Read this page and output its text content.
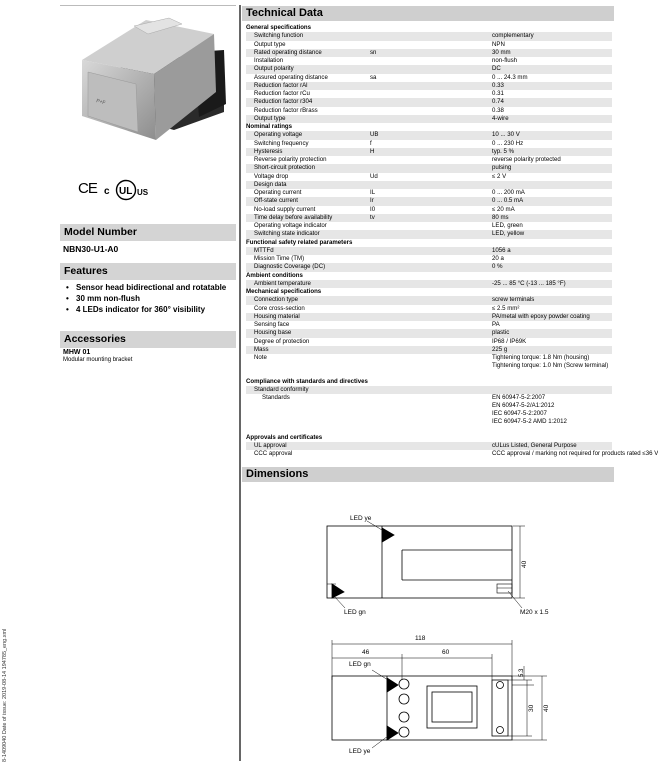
P+F
CE c UL US
Model Number
NBN30-U1-A0
Features
• Sensor head bidirectional and rotatable
• 30 mm non-flush
• 4 LEDs indicator for 360° visibility
Accessories
MHW 01
Modular mounting bracket
8-1409040 Date of issue: 2019-08-14 194785_eng.xml
Technical Data
General specifications		
Switching function		complementary
Output type		NPN
Rated operating distance	sn	30 mm
Installation		non-flush
Output polarity		DC
Assured operating distance	sa	0 ... 24.3 mm
Reduction factor rAl		0.33
Reduction factor rCu		0.31
Reduction factor r304		0.74
Reduction factor rBrass		0.38
Output type		4-wire
Nominal ratings		
Operating voltage	UB	10 ... 30 V
Switching frequency	f	0 ... 230 Hz
Hysteresis	H	typ. 5 %
Reverse polarity protection		reverse polarity protected
Short-circuit protection		pulsing
Voltage drop	Ud	≤ 2 V
Design data		
Operating current	IL	0 ... 200 mA
Off-state current	Ir	0 ... 0.5 mA
No-load supply current	I0	≤ 20 mA
Time delay before availability	tv	80 ms
Operating voltage indicator		LED, green
Switching state indicator		LED, yellow
Functional safety related parameters		
MTTFd		1056 a
Mission Time (TM)		20 a
Diagnostic Coverage (DC)		0 %
Ambient conditions		
Ambient temperature		-25 ... 85 °C (-13 ... 185 °F)
Mechanical specifications		
Connection type		screw terminals
Core cross-section		≤ 2.5 mm²
Housing material		PA/metal with epoxy powder coating
Sensing face		PA
Housing base		plastic
Degree of protection		IP68 / IP69K
Mass		225 g
Note		Tightening torque: 1.8 Nm (housing)
Tightening torque: 1.0 Nm (Screw terminal)

Compliance with standards and directives		
Standard conformity		
Standards		EN 60947-5-2:2007
EN 60947-5-2/A1:2012
IEC 60947-5-2:2007
IEC 60947-5-2 AMD 1:2012

Approvals and certificates		
UL approval		cULus Listed, General Purpose
CCC approval		CCC approval / marking not required for products rated ≤36 V
Dimensions
LED ye
LED gn	M20 x 1.5
40
118
46	60
LED gn
LED ye
5.3
30 40
